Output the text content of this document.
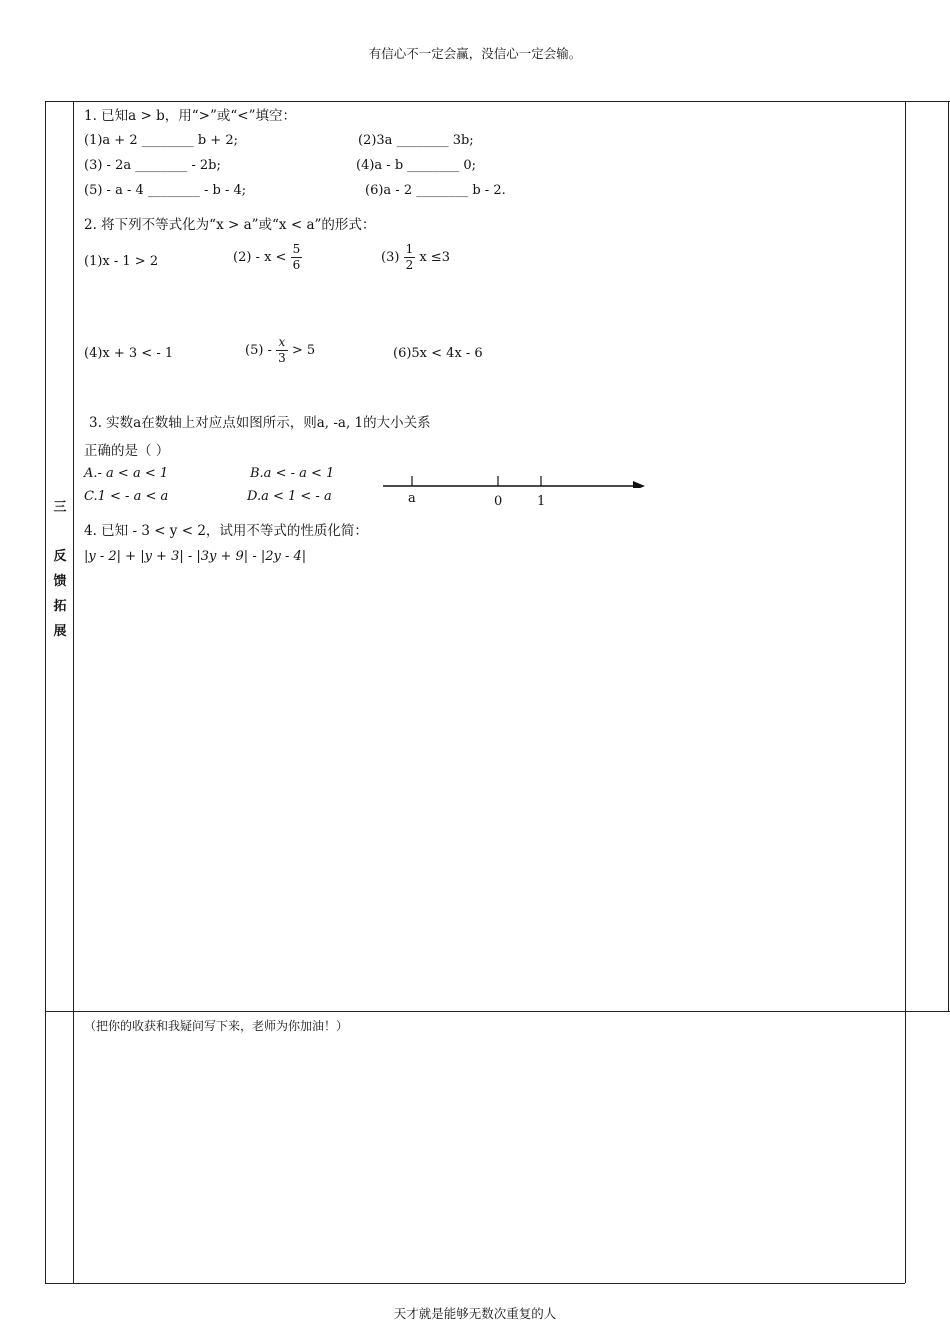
有信心不一定会赢，没信心一定会输。
天才就是能够无数次重复的人
三
反
馈
拓
展
1. 已知a > b，用“>”或“<”填空：
(1)a + 2 ________ b + 2;	(2)3a ________ 3b;
(3) - 2a ________ - 2b;	(4)a - b ________ 0;
(5) - a - 4 ________ - b - 4;	(6)a - 2 ________ b - 2.
2. 将下列不等式化为“x > a”或“x < a”的形式：
(1)x - 1 > 2	$(2) - x < \frac{5}{6}$	$(3) \frac{1}{2}$ x ≤3
(4)x + 3 < - 1	$(5) - \frac{x}{3} > 5$	(6)5x < 4x - 6
3. 实数a在数轴上对应点如图所示，则a, -a, 1的大小关系
正确的是（ ）
A.- a < a < 1	B.a < - a < 1
C.1 < - a < a	D.a < 1 < - a	a	0	1
4. 已知 - 3 < y < 2，试用不等式的性质化简：
|y - 2| + |y + 3| - |3y + 9| - |2y - 4|
（把你的收获和我疑问写下来，老师为你加油！）
